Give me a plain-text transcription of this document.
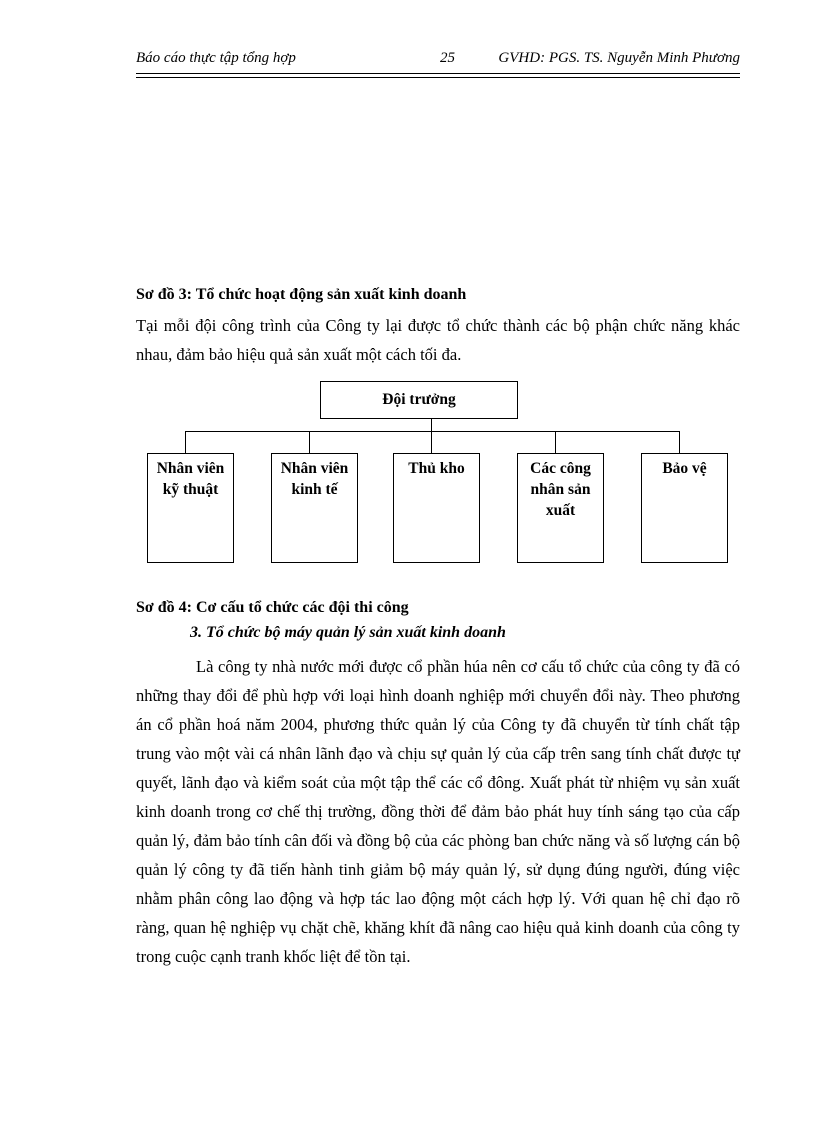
Báo cáo thực tập tổng hợp	25	GVHD: PGS. TS. Nguyễn Minh Phương
Sơ đồ 3: Tổ chức hoạt động sản xuất kinh doanh
Tại mỗi đội công trình của Công ty lại được tổ chức thành các bộ phận chức năng khác nhau, đảm bảo hiệu quả sản xuất một cách tối đa.
Đội trưởng
Nhân viên kỹ thuật
Nhân viên kinh tế
Thủ kho	Các công nhân sản xuất
Bảo vệ
Sơ đồ 4: Cơ cấu tổ chức các đội thi công
3. Tổ chức bộ máy quản lý sản xuất kinh doanh
Là công ty nhà nước mới được cổ phần húa nên cơ cấu tổ chức của công ty đã có những thay đổi để phù hợp với loại hình doanh nghiệp mới chuyển đổi này. Theo phương án cổ phần hoá năm 2004, phương thức quản lý của Công ty đã chuyển từ tính chất tập trung vào một vài cá nhân lãnh đạo và chịu sự quản lý của cấp trên sang tính chất được tự quyết, lãnh đạo và kiểm soát của một tập thể các cổ đông. Xuất phát từ nhiệm vụ sản xuất kinh doanh trong cơ chế thị trường, đồng thời để đảm bảo phát huy tính sáng tạo của cấp quản lý, đảm bảo tính cân đối và đồng bộ của các phòng ban chức năng và số lượng cán bộ quản lý công ty đã tiến hành tinh giảm bộ máy quản lý, sử dụng đúng người, đúng việc nhằm phân công lao động và hợp tác lao động một cách hợp lý. Với quan hệ chỉ đạo rõ ràng, quan hệ nghiệp vụ chặt chẽ, khăng khít đã nâng cao hiệu quả kinh doanh của công ty trong cuộc cạnh tranh khốc liệt để tồn tại.
